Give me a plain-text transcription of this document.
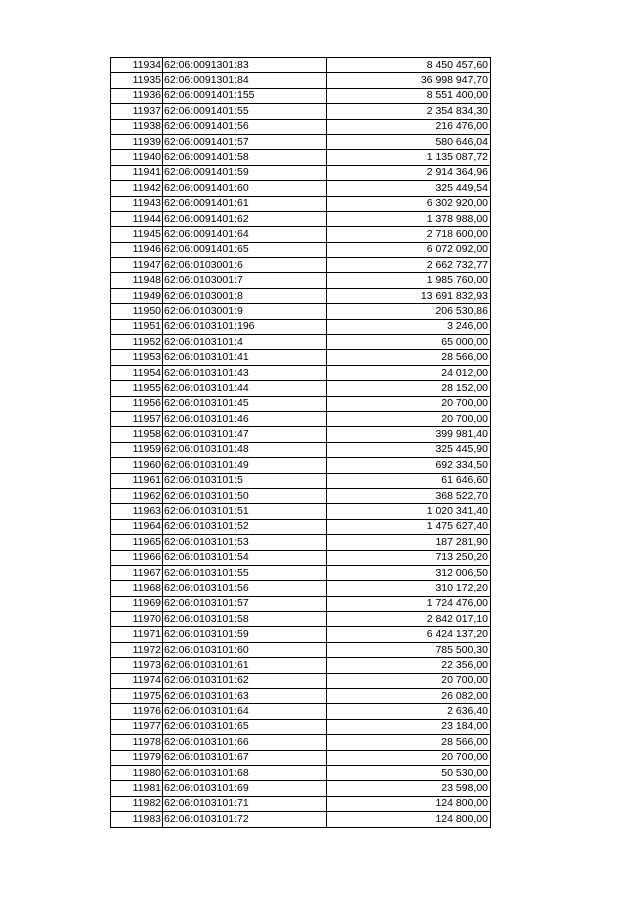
11934	62:06:0091301:83	8 450 457,60
11935	62:06:0091301:84	36 998 947,70
11936	62:06:0091401:155	8 551 400,00
11937	62:06:0091401:55	2 354 834,30
11938	62:06:0091401:56	216 476,00
11939	62:06:0091401:57	580 646,04
11940	62:06:0091401:58	1 135 087,72
11941	62:06:0091401:59	2 914 364,96
11942	62:06:0091401:60	325 449,54
11943	62:06:0091401:61	6 302 920,00
11944	62:06:0091401:62	1 378 988,00
11945	62:06:0091401:64	2 718 600,00
11946	62:06:0091401:65	6 072 092,00
11947	62:06:0103001:6	2 662 732,77
11948	62:06:0103001:7	1 985 760,00
11949	62:06:0103001:8	13 691 832,93
11950	62:06:0103001:9	206 530,86
11951	62:06:0103101:196	3 246,00
11952	62:06:0103101:4	65 000,00
11953	62:06:0103101:41	28 566,00
11954	62:06:0103101:43	24 012,00
11955	62:06:0103101:44	28 152,00
11956	62:06:0103101:45	20 700,00
11957	62:06:0103101:46	20 700,00
11958	62:06:0103101:47	399 981,40
11959	62:06:0103101:48	325 445,90
11960	62:06:0103101:49	692 334,50
11961	62:06:0103101:5	61 646,60
11962	62:06:0103101:50	368 522,70
11963	62:06:0103101:51	1 020 341,40
11964	62:06:0103101:52	1 475 627,40
11965	62:06:0103101:53	187 281,90
11966	62:06:0103101:54	713 250,20
11967	62:06:0103101:55	312 006,50
11968	62:06:0103101:56	310 172,20
11969	62:06:0103101:57	1 724 476,00
11970	62:06:0103101:58	2 842 017,10
11971	62:06:0103101:59	6 424 137,20
11972	62:06:0103101:60	785 500,30
11973	62:06:0103101:61	22 356,00
11974	62:06:0103101:62	20 700,00
11975	62:06:0103101:63	26 082,00
11976	62:06:0103101:64	2 636,40
11977	62:06:0103101:65	23 184,00
11978	62:06:0103101:66	28 566,00
11979	62:06:0103101:67	20 700,00
11980	62:06:0103101:68	50 530,00
11981	62:06:0103101:69	23 598,00
11982	62:06:0103101:71	124 800,00
11983	62:06:0103101:72	124 800,00
